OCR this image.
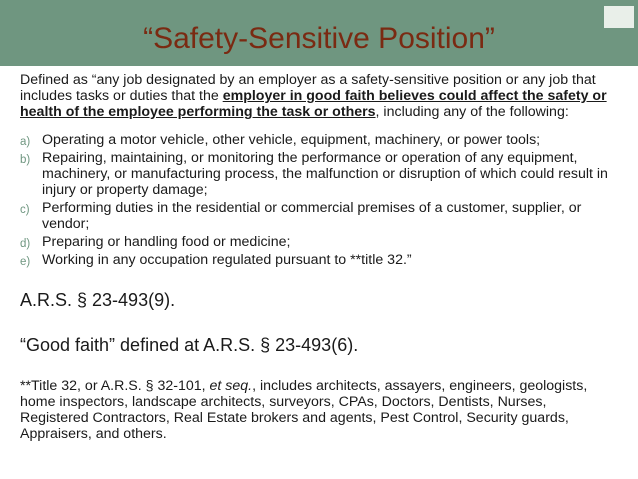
“Safety-Sensitive Position”

Defined as “any job designated by an employer as a safety-sensitive position or any job that includes tasks or duties that the employer in good faith believes could affect the safety or health of the employee performing the task or others, including any of the following:

a) Operating a motor vehicle, other vehicle, equipment, machinery, or power tools;
b) Repairing, maintaining, or monitoring the performance or operation of any equipment, machinery, or manufacturing process, the malfunction or disruption of which could result in injury or property damage;
c) Performing duties in the residential or commercial premises of a customer, supplier, or vendor;
d) Preparing or handling food or medicine;
e) Working in any occupation regulated pursuant to **title 32.”
A.R.S. § 23-493(9).
“Good faith” defined at A.R.S. § 23-493(6).
**Title 32, or A.R.S. § 32-101, et seq., includes architects, assayers, engineers, geologists, home inspectors, landscape architects, surveyors, CPAs, Doctors, Dentists, Nurses, Registered Contractors, Real Estate brokers and agents, Pest Control, Security guards, Appraisers, and others.
